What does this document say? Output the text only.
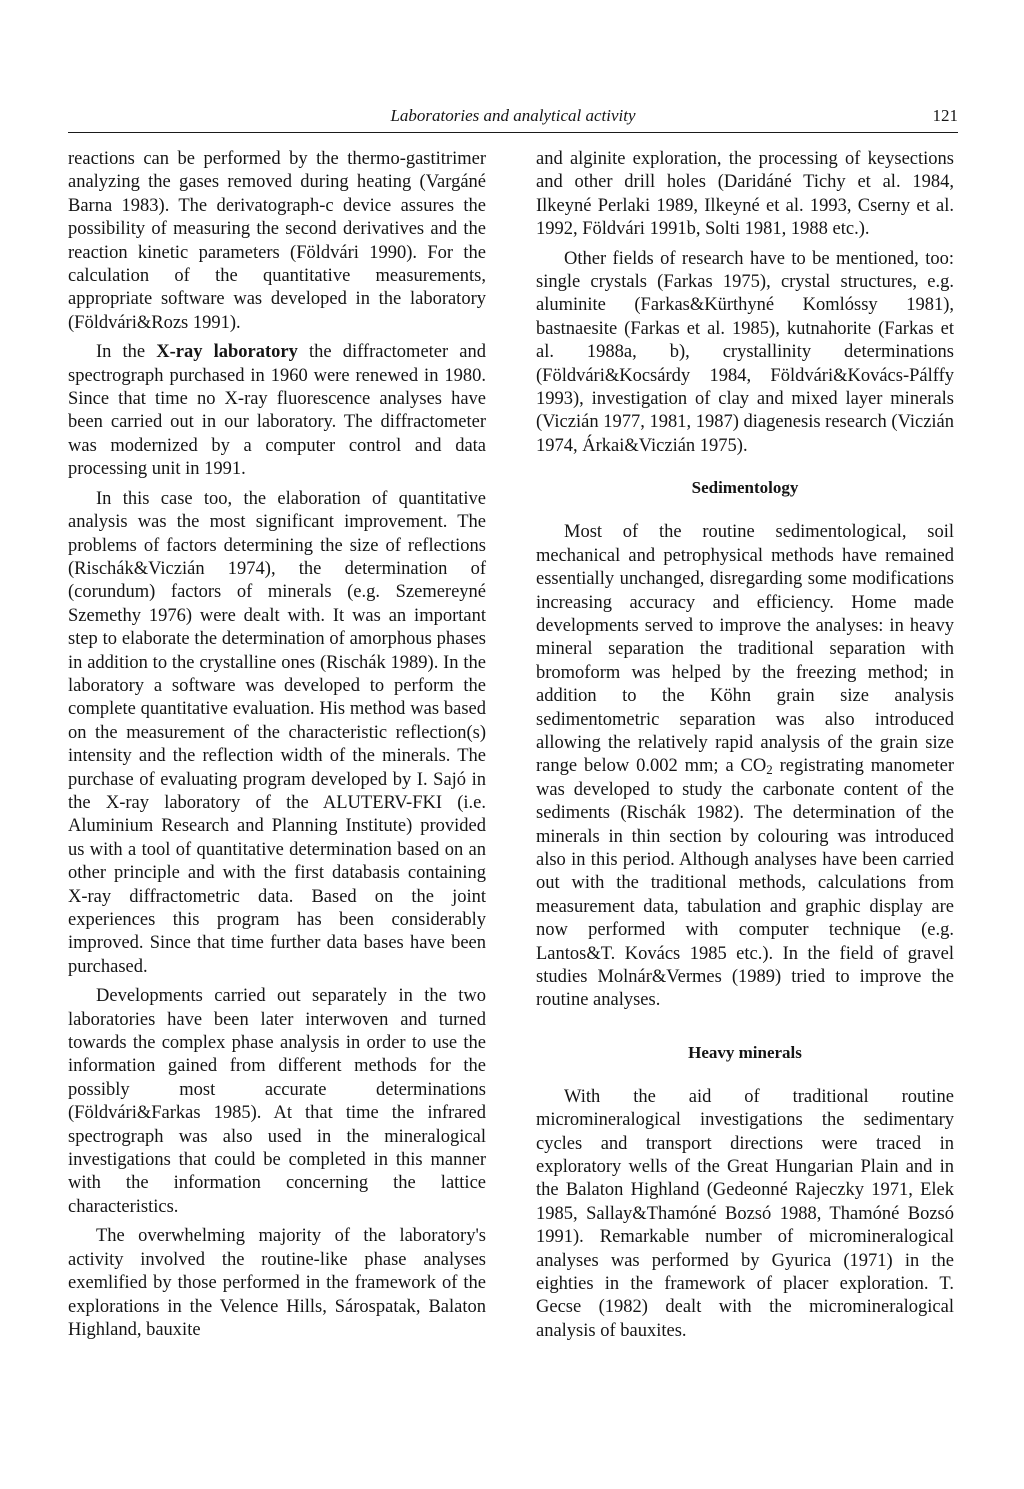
Laboratories and analytical activity	121

reactions can be performed by the thermo-gastitrimer analyzing the gases removed during heating (Vargáné Barna 1983). The derivatograph-c device assures the possibility of measuring the second derivatives and the reaction kinetic parameters (Földvári 1990). For the calculation of the quantitative measurements, appropriate software was developed in the laboratory (Földvári&Rozs 1991).

In the X-ray laboratory the diffractometer and spectrograph purchased in 1960 were renewed in 1980. Since that time no X-ray fluorescence analyses have been carried out in our laboratory. The diffractometer was modernized by a computer control and data processing unit in 1991.

In this case too, the elaboration of quantitative analysis was the most significant improvement. The problems of factors determining the size of reflections (Rischák&Viczián 1974), the determination of (corundum) factors of minerals (e.g. Szemereyné Szemethy 1976) were dealt with. It was an important step to elaborate the determination of amorphous phases in addition to the crystalline ones (Rischák 1989). In the laboratory a software was developed to perform the complete quantitative evaluation. His method was based on the measurement of the characteristic reflection(s) intensity and the reflection width of the minerals. The purchase of evaluating program developed by I. Sajó in the X-ray laboratory of the ALUTERV-FKI (i.e. Aluminium Research and Planning Institute) provided us with a tool of quantitative determination based on an other principle and with the first databasis containing X-ray diffractometric data. Based on the joint experiences this program has been considerably improved. Since that time further data bases have been purchased.

Developments carried out separately in the two laboratories have been later interwoven and turned towards the complex phase analysis in order to use the information gained from different methods for the possibly most accurate determinations (Földvári&Farkas 1985). At that time the infrared spectrograph was also used in the mineralogical investigations that could be completed in this manner with the information concerning the lattice characteristics.

The overwhelming majority of the laboratory's activity involved the routine-like phase analyses exemlified by those performed in the framework of the explorations in the Velence Hills, Sárospatak, Balaton Highland, bauxite

and alginite exploration, the processing of keysections and other drill holes (Daridáné Tichy et al. 1984, Ilkeyné Perlaki 1989, Ilkeyné et al. 1993, Cserny et al. 1992, Földvári 1991b, Solti 1981, 1988 etc.).

Other fields of research have to be mentioned, too: single crystals (Farkas 1975), crystal structures, e.g. aluminite (Farkas&Kürthyné Komlóssy 1981), bastnaesite (Farkas et al. 1985), kutnahorite (Farkas et al. 1988a, b), crystallinity determinations (Földvári&Kocsárdy 1984, Földvári&Kovács-Pálffy 1993), investigation of clay and mixed layer minerals (Viczián 1977, 1981, 1987) diagenesis research (Viczián 1974, Árkai&Viczián 1975).

Sedimentology

Most of the routine sedimentological, soil mechanical and petrophysical methods have remained essentially unchanged, disregarding some modifications increasing accuracy and efficiency. Home made developments served to improve the analyses: in heavy mineral separation the traditional separation with bromoform was helped by the freezing method; in addition to the Köhn grain size analysis sedimentometric separation was also introduced allowing the relatively rapid analysis of the grain size range below 0.002 mm; a $CO_2$ registrating manometer was developed to study the carbonate content of the sediments (Rischák 1982). The determination of the minerals in thin section by colouring was introduced also in this period. Although analyses have been carried out with the traditional methods, calculations from measurement data, tabulation and graphic display are now performed with computer technique (e.g. Lantos&T. Kovács 1985 etc.). In the field of gravel studies Molnár&Vermes (1989) tried to improve the routine analyses.

Heavy minerals

With the aid of traditional routine micromineralogical investigations the sedimentary cycles and transport directions were traced in exploratory wells of the Great Hungarian Plain and in the Balaton Highland (Gedeonné Rajeczky 1971, Elek 1985, Sallay&Thamóné Bozsó 1988, Thamóné Bozsó 1991). Remarkable number of micromineralogical analyses was performed by Gyurica (1971) in the eighties in the framework of placer exploration. T. Gecse (1982) dealt with the micromineralogical analysis of bauxites.
